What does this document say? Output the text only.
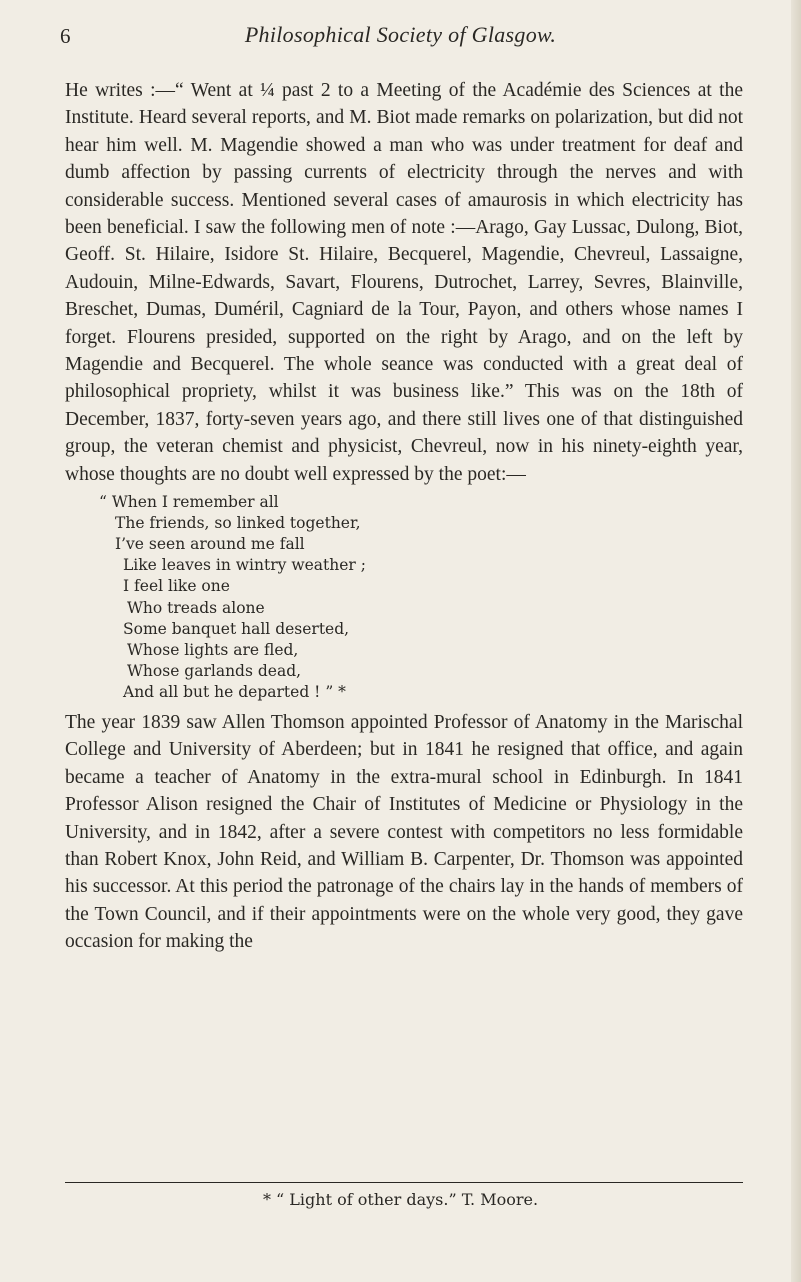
6	Philosophical Society of Glasgow.

He writes :—“ Went at ¼ past 2 to a Meeting of the Académie des Sciences at the Institute. Heard several reports, and M. Biot made remarks on polarization, but did not hear him well. M. Magendie showed a man who was under treatment for deaf and dumb affection by passing currents of electricity through the nerves and with considerable success. Mentioned several cases of amaurosis in which electricity has been beneficial. I saw the following men of note :—Arago, Gay Lussac, Dulong, Biot, Geoff. St. Hilaire, Isidore St. Hilaire, Becquerel, Magendie, Chevreul, Lassaigne, Audouin, Milne-Edwards, Savart, Flourens, Dutrochet, Larrey, Sevres, Blainville, Breschet, Dumas, Duméril, Cagniard de la Tour, Payon, and others whose names I forget. Flourens presided, supported on the right by Arago, and on the left by Magendie and Becquerel. The whole seance was conducted with a great deal of philosophical propriety, whilst it was business like.” This was on the 18th of December, 1837, forty-seven years ago, and there still lives one of that distinguished group, the veteran chemist and physicist, Chevreul, now in his ninety-eighth year, whose thoughts are no doubt well expressed by the poet:—

“ When I remember all
The friends, so linked together,
I’ve seen around me fall
Like leaves in wintry weather ;
I feel like one
Who treads alone
Some banquet hall deserted,
Whose lights are fled,
Whose garlands dead,
And all but he departed ! ” *

The year 1839 saw Allen Thomson appointed Professor of Anatomy in the Marischal College and University of Aberdeen; but in 1841 he resigned that office, and again became a teacher of Anatomy in the extra-mural school in Edinburgh. In 1841 Professor Alison resigned the Chair of Institutes of Medicine or Physiology in the University, and in 1842, after a severe contest with competitors no less formidable than Robert Knox, John Reid, and William B. Carpenter, Dr. Thomson was appointed his successor. At this period the patronage of the chairs lay in the hands of members of the Town Council, and if their appointments were on the whole very good, they gave occasion for making the

* “ Light of other days.” T. Moore.
